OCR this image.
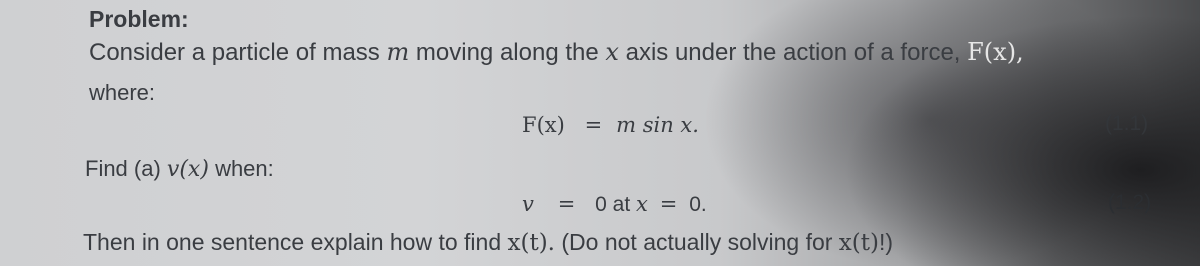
Problem:
Consider a particle of mass m moving along the x axis under the action of a force, F(x),
where:
F(x) = m sin x.	(1.1)
Find (a) v(x) when:
v = 0 at x = 0.	(1.2)
Then in one sentence explain how to find x(t). (Do not actually solving for x(t)!)
